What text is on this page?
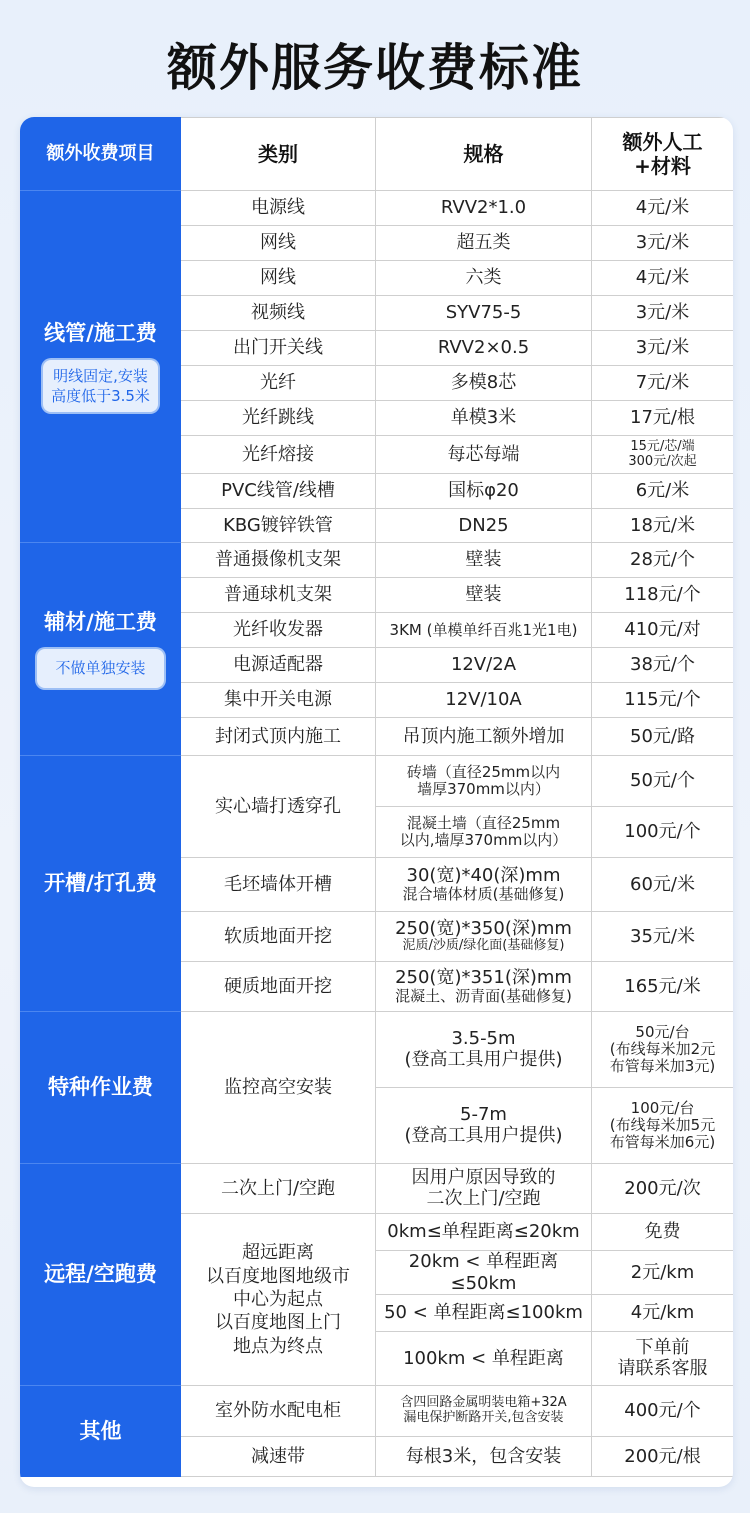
额外服务收费标准
额外收费项目	类别	规格	额外人工
+材料

线管/施工费
明线固定,安装
高度低于3.5米	电源线	RVV2*1.0	4元/米
	网线	超五类	3元/米
	网线	六类	4元/米
	视频线	SYV75-5	3元/米
	出门开关线	RVV2×0.5	3元/米
	光纤	多模8芯	7元/米
	光纤跳线	单模3米	17元/根
	光纤熔接	每芯每端	15元/芯/端
300元/次起
	PVC线管/线槽	国标φ20	6元/米
	KBG镀锌铁管	DN25	18元/米

辅材/施工费
不做单独安装	普通摄像机支架	壁装	28元/个
	普通球机支架	壁装	118元/个
	光纤收发器	3KM (单模单纤百兆1光1电)	410元/对
	电源适配器	12V/2A	38元/个
	集中开关电源	12V/10A	115元/个
	封闭式顶内施工	吊顶内施工额外增加	50元/路

开槽/打孔费	实心墙打透穿孔	砖墙（直径25mm以内
墙厚370mm以内）	50元/个
		混凝土墙（直径25mm
以内,墙厚370mm以内）	100元/个
	毛坯墙体开槽	30(宽)*40(深)mm
混合墙体材质(基础修复)	60元/米
	软质地面开挖	250(宽)*350(深)mm
泥质/沙质/绿化面(基础修复)	35元/米
	硬质地面开挖	250(宽)*351(深)mm
混凝土、沥青面(基础修复)	165元/米

特种作业费	监控高空安装	3.5-5m
(登高工具用户提供)	50元/台
(布线每米加2元
布管每米加3元)
		5-7m
(登高工具用户提供)	100元/台
(布线每米加5元
布管每米加6元)

远程/空跑费	二次上门/空跑	因用户原因导致的
二次上门/空跑	200元/次
	超远距离
以百度地图地级市
中心为起点
以百度地图上门
地点为终点	0km≤单程距离≤20km	免费
		20km < 单程距离≤50km	2元/km
		50 < 单程距离≤100km	4元/km
		100km < 单程距离	下单前
请联系客服

其他	室外防水配电柜	含四回路金属明装电箱+32A
漏电保护断路开关,包含安装	400元/个
	减速带	每根3米，包含安装	200元/根
